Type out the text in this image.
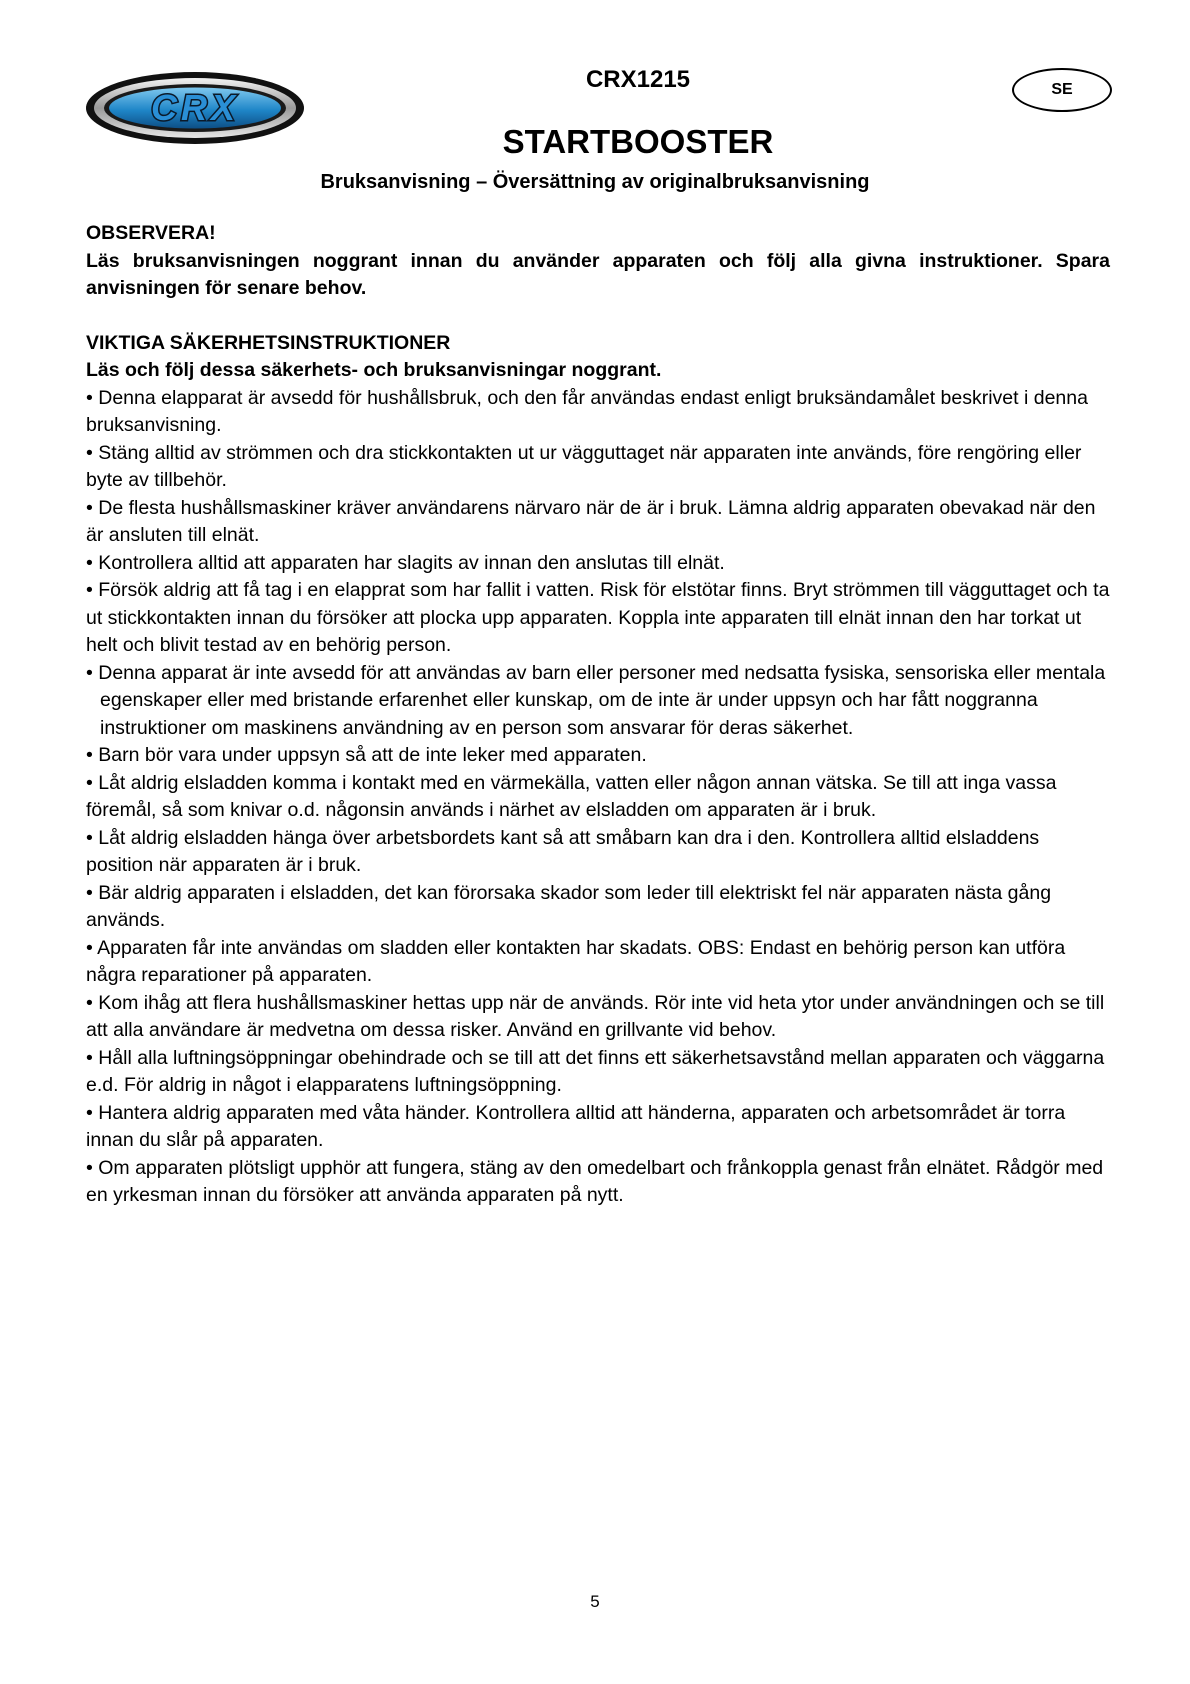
CRX
CRX1215	SE
STARTBOOSTER
Bruksanvisning – Översättning av originalbruksanvisning
OBSERVERA!
Läs bruksanvisningen noggrant innan du använder apparaten och följ alla givna instruktioner. Spara anvisningen för senare behov.
VIKTIGA SÄKERHETSINSTRUKTIONER
Läs och följ dessa säkerhets- och bruksanvisningar noggrant.

• Denna elapparat är avsedd för hushållsbruk, och den får användas endast enligt bruksändamålet beskrivet i denna bruksanvisning.

• Stäng alltid av strömmen och dra stickkontakten ut ur vägguttaget när apparaten inte används, före rengöring eller byte av tillbehör.

• De flesta hushållsmaskiner kräver användarens närvaro när de är i bruk. Lämna aldrig apparaten obevakad när den är ansluten till elnät.

• Kontrollera alltid att apparaten har slagits av innan den anslutas till elnät.

• Försök aldrig att få tag i en elapprat som har fallit i vatten. Risk för elstötar finns. Bryt strömmen till vägguttaget och ta ut stickkontakten innan du försöker att plocka upp apparaten. Koppla inte apparaten till elnät innan den har torkat ut helt och blivit testad av en behörig person.

• Denna apparat är inte avsedd för att användas av barn eller personer med nedsatta fysiska, sensoriska eller mentala egenskaper eller med bristande erfarenhet eller kunskap, om de inte är under uppsyn och har fått noggranna instruktioner om maskinens användning av en person som ansvarar för deras säkerhet.

• Barn bör vara under uppsyn så att de inte leker med apparaten.

• Låt aldrig elsladden komma i kontakt med en värmekälla, vatten eller någon annan vätska. Se till att inga vassa föremål, så som knivar o.d. någonsin används i närhet av elsladden om apparaten är i bruk.

• Låt aldrig elsladden hänga över arbetsbordets kant så att småbarn kan dra i den. Kontrollera alltid elsladdens position när apparaten är i bruk.

• Bär aldrig apparaten i elsladden, det kan förorsaka skador som leder till elektriskt fel när apparaten nästa gång används.

• Apparaten får inte användas om sladden eller kontakten har skadats. OBS: Endast en behörig person kan utföra några reparationer på apparaten.

• Kom ihåg att flera hushållsmaskiner hettas upp när de används. Rör inte vid heta ytor under användningen och se till att alla användare är medvetna om dessa risker. Använd en grillvante vid behov.

• Håll alla luftningsöppningar obehindrade och se till att det finns ett säkerhetsavstånd mellan apparaten och väggarna e.d. För aldrig in något i elapparatens luftningsöppning.

• Hantera aldrig apparaten med våta händer. Kontrollera alltid att händerna, apparaten och arbetsområdet är torra innan du slår på apparaten.

• Om apparaten plötsligt upphör att fungera, stäng av den omedelbart och frånkoppla genast från elnätet. Rådgör med en yrkesman innan du försöker att använda apparaten på nytt.

5
